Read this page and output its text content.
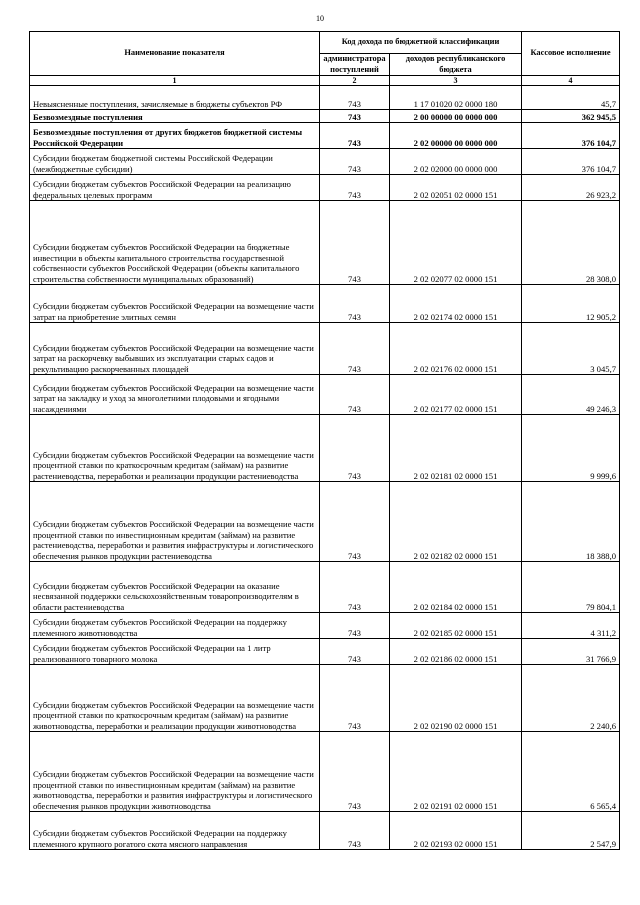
10
Наименование показателя	Код дохода по бюджетной классификации		Кассовое исполнение
	администратора поступлений	доходов республиканского бюджета	
1	2	3	4
Невыясненные поступления, зачисляемые в бюджеты субъектов РФ	743	1 17 01020 02 0000 180	45,7
Безвозмездные поступления	743	2 00 00000 00 0000 000	362 945,5
Безвозмездные поступления от других бюджетов бюджетной системы Российской Федерации	743	2 02 00000 00 0000 000	376 104,7
Субсидии бюджетам бюджетной системы Российской Федерации (межбюджетные субсидии)	743	2 02 02000 00 0000 000	376 104,7
Субсидии бюджетам субъектов Российской Федерации на реализацию федеральных целевых программ	743	2 02 02051 02 0000 151	26 923,2
Субсидии бюджетам субъектов Российской Федерации на бюджетные инвестиции в объекты капитального строительства государственной собственности субъектов Российской Федерации (объекты капитального строительства собственности муниципальных образований)	743	2 02 02077 02 0000 151	28 308,0
Субсидии бюджетам субъектов Российской Федерации на возмещение части затрат на приобретение элитных семян	743	2 02 02174 02 0000 151	12 905,2
Субсидии бюджетам субъектов Российской Федерации на возмещение части затрат на раскорчевку выбывших из эксплуатации старых садов и рекультивацию раскорчеванных площадей	743	2 02 02176 02 0000 151	3 045,7
Субсидии бюджетам субъектов Российской Федерации на возмещение части затрат на закладку и уход за многолетними плодовыми и ягодными насаждениями	743	2 02 02177 02 0000 151	49 246,3
Субсидии бюджетам субъектов Российской Федерации на возмещение части процентной ставки по краткосрочным кредитам (займам) на развитие растениеводства, переработки и реализации продукции растениеводства	743	2 02 02181 02 0000 151	9 999,6
Субсидии бюджетам субъектов Российской Федерации на возмещение части процентной ставки по инвестиционным кредитам (займам) на развитие растениеводства, переработки и развития инфраструктуры и логистического обеспечения рынков продукции растениеводства	743	2 02 02182 02 0000 151	18 388,0
Субсидии бюджетам субъектов Российской Федерации на оказание несвязанной поддержки сельскохозяйственным товаропроизводителям в области растениеводства	743	2 02 02184 02 0000 151	79 804,1
Субсидии бюджетам субъектов Российской Федерации на поддержку племенного животноводства	743	2 02 02185 02 0000 151	4 311,2
Субсидии бюджетам субъектов Российской Федерации на 1 литр реализованного товарного молока	743	2 02 02186 02 0000 151	31 766,9
Субсидии бюджетам субъектов Российской Федерации на возмещение части процентной ставки по краткосрочным кредитам (займам) на развитие животноводства, переработки и реализации продукции животноводства	743	2 02 02190 02 0000 151	2 240,6
Субсидии бюджетам субъектов Российской Федерации на возмещение части процентной ставки по инвестиционным кредитам (займам) на развитие животноводства, переработки и развития инфраструктуры и логистического обеспечения рынков продукции животноводства	743	2 02 02191 02 0000 151	6 565,4
Субсидии бюджетам субъектов Российской Федерации на поддержку племенного крупного рогатого скота мясного направления	743	2 02 02193 02 0000 151	2 547,9
